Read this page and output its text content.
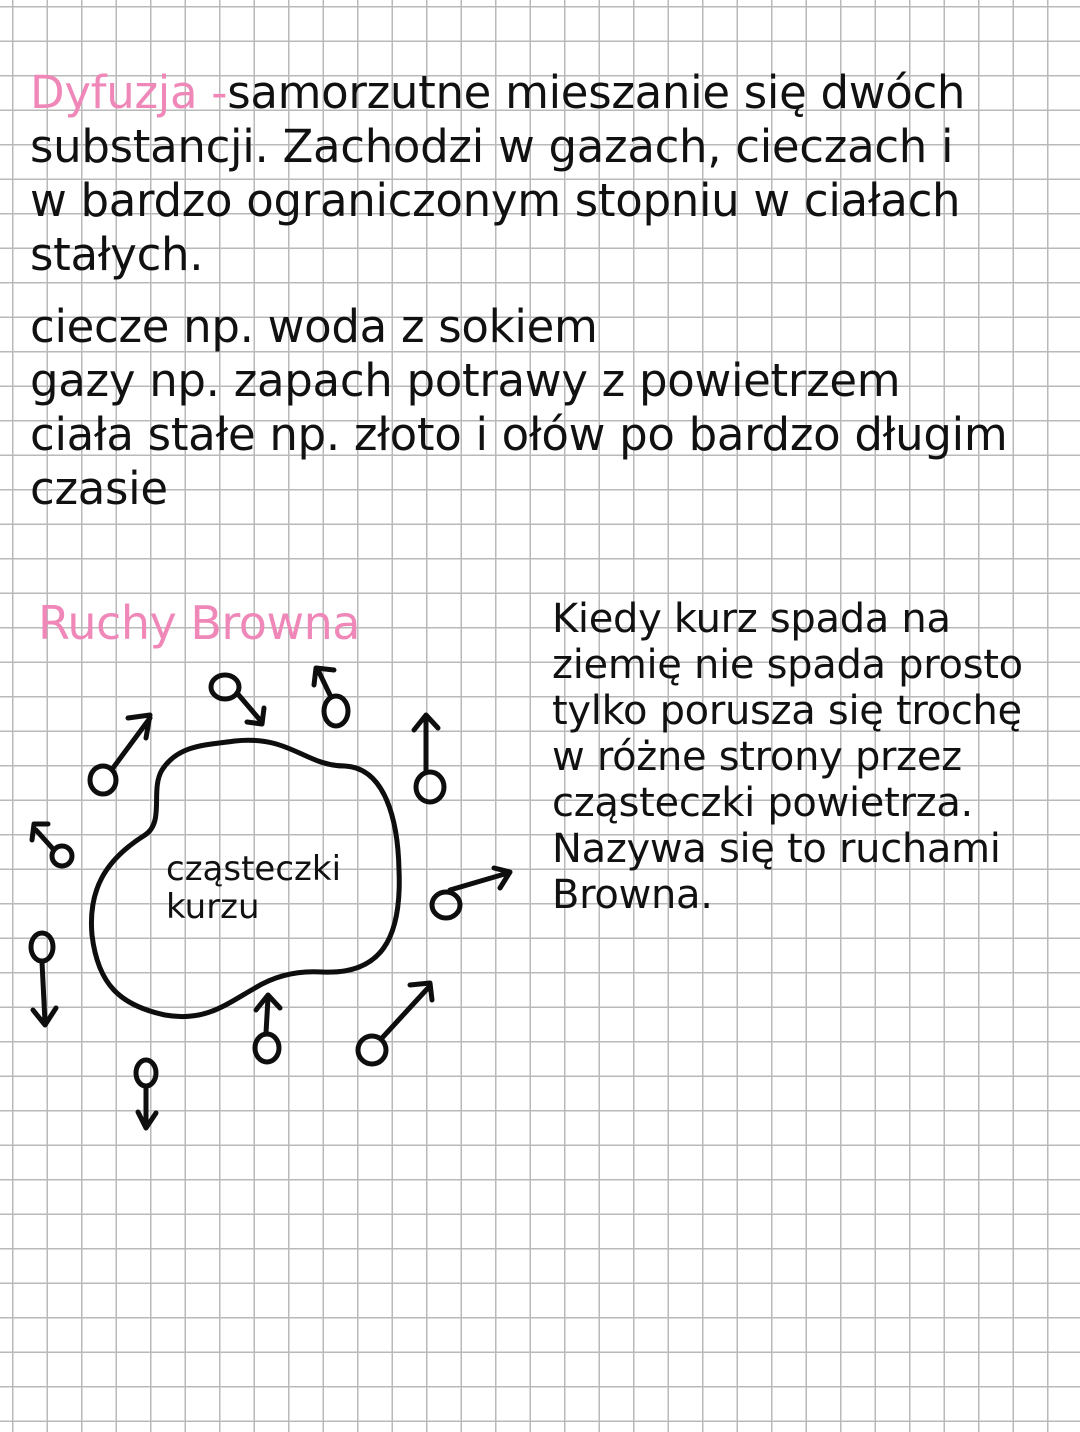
Dyfuzja -samorzutne mieszanie się dwóch
substancji. Zachodzi w gazach, cieczach i
w bardzo ograniczonym stopniu w ciałach
stałych.
ciecze np. woda z sokiem
gazy np. zapach potrawy z powietrzem
ciała stałe np. złoto i ołów po bardzo długim
czasie
Ruchy Browna	Kiedy kurz spada na
ziemię nie spada prosto
tylko porusza się trochę
w różne strony przez
cząsteczki powietrza.
Nazywa się to ruchami
Browna.
cząsteczki
kurzu
